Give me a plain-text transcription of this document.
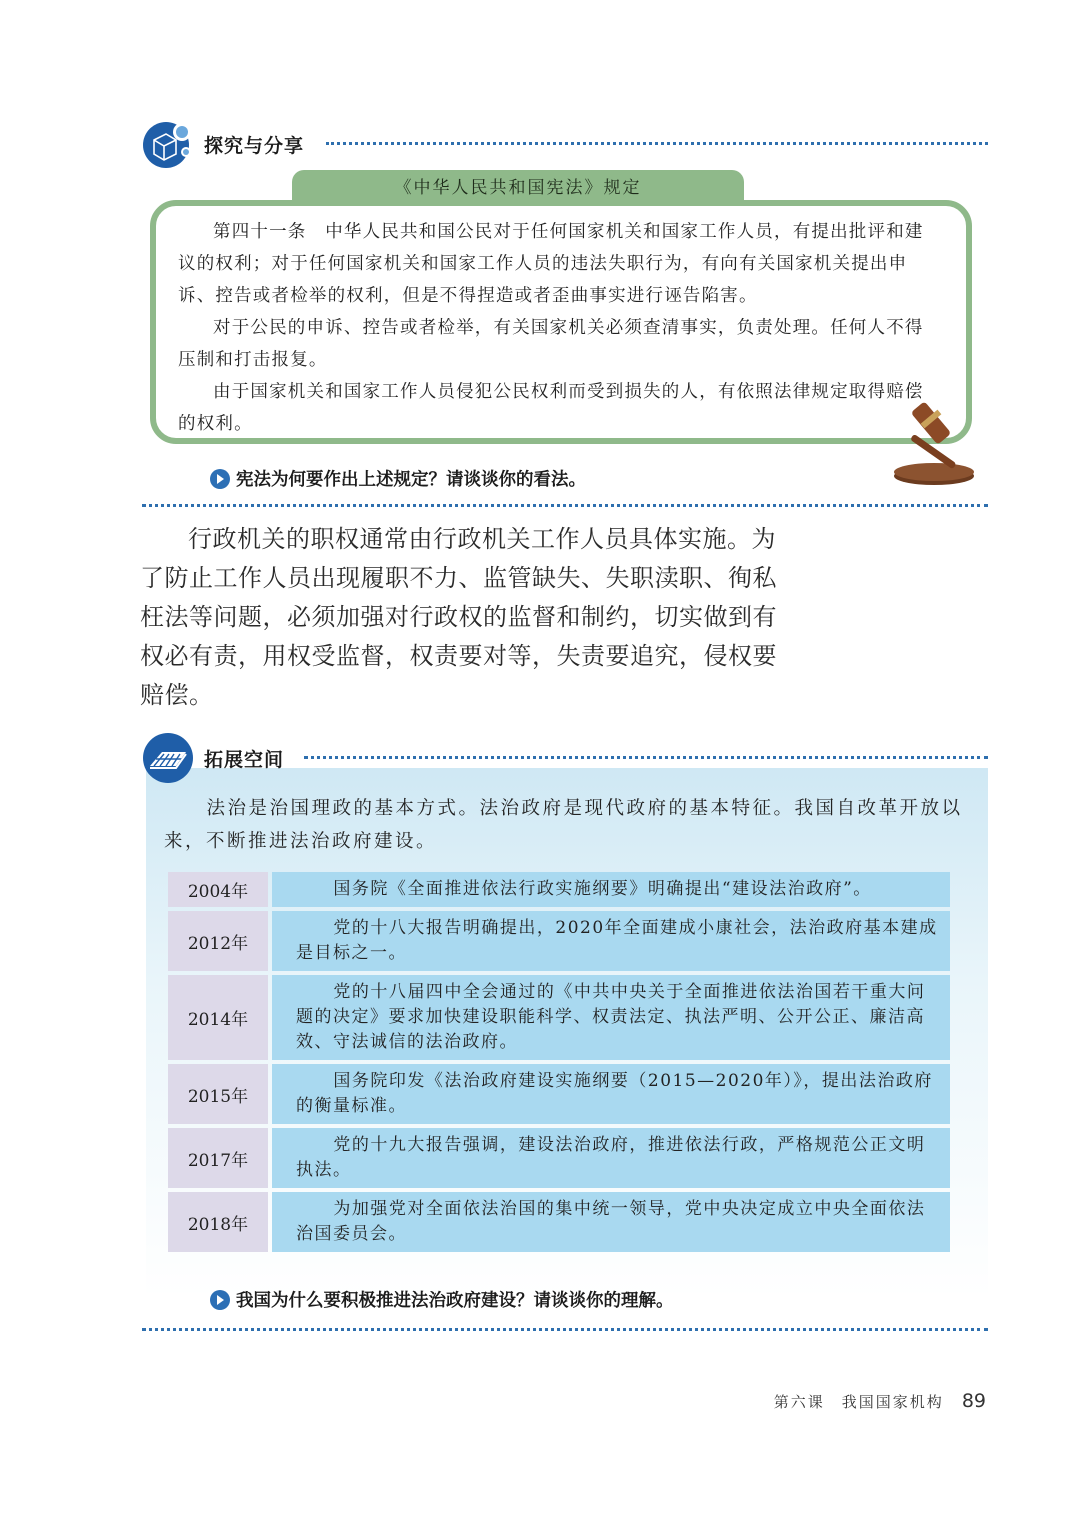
探究与分享

第四十一条　中华人民共和国公民对于任何国家机关和国家工作人员，有提出批评和建议的权利；对于任何国家机关和国家工作人员的违法失职行为，有向有关国家机关提出申诉、控告或者检举的权利，但是不得捏造或者歪曲事实进行诬告陷害。

对于公民的申诉、控告或者检举，有关国家机关必须查清事实，负责处理。任何人不得压制和打击报复。

由于国家机关和国家工作人员侵犯公民权利而受到损失的人，有依照法律规定取得赔偿的权利。

《中华人民共和国宪法》规定
宪法为何要作出上述规定？请谈谈你的看法。

行政机关的职权通常由行政机关工作人员具体实施。为了防止工作人员出现履职不力、监管缺失、失职渎职、徇私枉法等问题，必须加强对行政权的监督和制约，切实做到有权必有责，用权受监督，权责要对等，失责要追究，侵权要赔偿。

拓展空间

法治是治国理政的基本方式。法治政府是现代政府的基本特征。我国自改革开放以来，不断推进法治政府建设。

2004年	国务院《全面推进依法行政实施纲要》明确提出“建设法治政府”。
2012年
党的十八大报告明确提出，2020年全面建成小康社会，法治政府基本建成是目标之一。
2014年
党的十八届四中全会通过的《中共中央关于全面推进依法治国若干重大问题的决定》要求加快建设职能科学、权责法定、执法严明、公开公正、廉洁高效、守法诚信的法治政府。
2015年
国务院印发《法治政府建设实施纲要（2015—2020年）》，提出法治政府的衡量标准。
2017年
党的十九大报告强调，建设法治政府，推进依法行政，严格规范公正文明执法。
2018年
为加强党对全面依法治国的集中统一领导，党中央决定成立中央全面依法治国委员会。
我国为什么要积极推进法治政府建设？请谈谈你的理解。
第六课　我国国家机构 89
